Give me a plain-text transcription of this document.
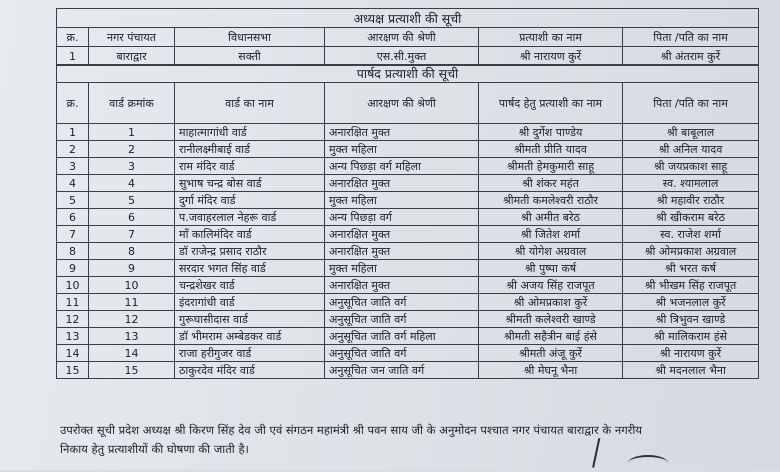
अध्यक्ष प्रत्याशी की सूची					
क्र.	नगर पंचायत	विधानसभा	आरक्षण की श्रेणी	प्रत्याशी का नाम	पिता /पति का नाम
1	बाराद्वार	सक्ती	एस.सी.मुक्त	श्री नारायण कुर्रे	श्री अंतराम कुर्रे
पार्षद प्रत्याशी की सूची					
क्र.	वार्ड क्रमांक	वार्ड का नाम	आरक्षण की श्रेणी	पार्षद हेतु प्रत्याशी का नाम	पिता /पति का नाम
1	1	माहात्मागांधी वार्ड	अनारक्षित मुक्त	श्री दुर्गेश पाण्डेय	श्री बाबूलाल
2	2	रानीलक्ष्मीबाई वार्ड	मुक्त महिला	श्रीमती प्रीति यादव	श्री अनिल यादव
3	3	राम मंदिर वार्ड	अन्य पिछड़ा वर्ग महिला	श्रीमती हेमकुमारी साहू	श्री जयप्रकाश साहू
4	4	सुभाष चन्द्र बोस वार्ड	अनारक्षित मुक्त	श्री शंकर महंत	स्व. श्यामलाल
5	5	दुर्गा मंदिर वार्ड	मुक्त महिला	श्रीमती कमलेश्वरी राठौर	श्री महावीर राठौर
6	6	प.जवाहरलाल नेहरू वार्ड	अन्य पिछड़ा वर्ग	श्री अमीत बरेठ	श्री खीकराम बरेठ
7	7	माँ कालिमंदिर वार्ड	अनारक्षित मुक्त	श्री जितेश शर्मा	स्व. राजेश शर्मा
8	8	डॉ राजेन्द्र प्रसाद राठौर	अनारक्षित मुक्त	श्री योगेश अग्रवाल	श्री ओमप्रकाश अग्रवाल
9	9	सरदार भगत सिंह वार्ड	मुक्त महिला	श्री पुष्पा कर्ष	श्री भरत कर्ष
10	10	चन्द्रशेखर वार्ड	अनारक्षित मुक्त	श्री अजय सिंह राजपूत	श्री भीखम सिंह राजपूत
11	11	इंदरागांधी वार्ड	अनुसूचित जाति वर्ग	श्री ओमप्रकाश कुर्रे	श्री भजनलाल कुर्रे
12	12	गुरूघासीदास वार्ड	अनुसूचित जाति वर्ग	श्रीमती कलेश्वरी खाण्डे	श्री त्रिभुवन खाण्डे
13	13	डॉ भीमराम अम्बेडकर वार्ड	अनुसूचित जाति वर्ग महिला	श्रीमती सहैत्रीन बाई हंसे	श्री मालिकराम हंसे
14	14	राजा हरीगुजर वार्ड	अनुसूचित जाति वर्ग	श्रीमती अंजू कुर्रे	श्री नारायण कुर्रे
15	15	ठाकुरदेव मंदिर वार्ड	अनुसूचित जन जाति वर्ग	श्री मेघनू भैना	श्री मदनलाल भैना
उपरोक्त सूची प्रदेश अध्यक्ष श्री किरण सिंह देव जी एवं संगठन महामंत्री श्री पवन साय जी के अनुमोदन पश्चात नगर पंचायत बाराद्वार के नगरीय
निकाय हेतु प्रत्याशीयों की घोषणा की जाती है।
